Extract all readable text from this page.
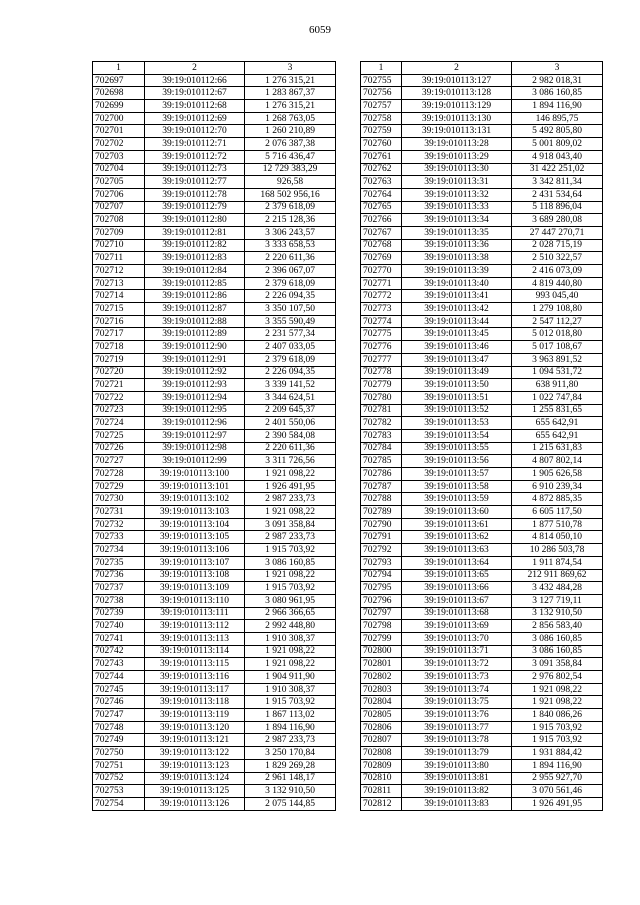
6059
1	2	3
702697	39:19:010112:66	1 276 315,21
702698	39:19:010112:67	1 283 867,37
702699	39:19:010112:68	1 276 315,21
702700	39:19:010112:69	1 268 763,05
702701	39:19:010112:70	1 260 210,89
702702	39:19:010112:71	2 076 387,38
702703	39:19:010112:72	5 716 436,47
702704	39:19:010112:73	12 729 383,29
702705	39:19:010112:77	926,58
702706	39:19:010112:78	168 502 956,16
702707	39:19:010112:79	2 379 618,09
702708	39:19:010112:80	2 215 128,36
702709	39:19:010112:81	3 306 243,57
702710	39:19:010112:82	3 333 658,53
702711	39:19:010112:83	2 220 611,36
702712	39:19:010112:84	2 396 067,07
702713	39:19:010112:85	2 379 618,09
702714	39:19:010112:86	2 226 094,35
702715	39:19:010112:87	3 350 107,50
702716	39:19:010112:88	3 355 590,49
702717	39:19:010112:89	2 231 577,34
702718	39:19:010112:90	2 407 033,05
702719	39:19:010112:91	2 379 618,09
702720	39:19:010112:92	2 226 094,35
702721	39:19:010112:93	3 339 141,52
702722	39:19:010112:94	3 344 624,51
702723	39:19:010112:95	2 209 645,37
702724	39:19:010112:96	2 401 550,06
702725	39:19:010112:97	2 390 584,08
702726	39:19:010112:98	2 220 611,36
702727	39:19:010112:99	3 311 726,56
702728	39:19:010113:100	1 921 098,22
702729	39:19:010113:101	1 926 491,95
702730	39:19:010113:102	2 987 233,73
702731	39:19:010113:103	1 921 098,22
702732	39:19:010113:104	3 091 358,84
702733	39:19:010113:105	2 987 233,73
702734	39:19:010113:106	1 915 703,92
702735	39:19:010113:107	3 086 160,85
702736	39:19:010113:108	1 921 098,22
702737	39:19:010113:109	1 915 703,92
702738	39:19:010113:110	3 080 961,95
702739	39:19:010113:111	2 966 366,65
702740	39:19:010113:112	2 992 448,80
702741	39:19:010113:113	1 910 308,37
702742	39:19:010113:114	1 921 098,22
702743	39:19:010113:115	1 921 098,22
702744	39:19:010113:116	1 904 911,90
702745	39:19:010113:117	1 910 308,37
702746	39:19:010113:118	1 915 703,92
702747	39:19:010113:119	1 867 113,02
702748	39:19:010113:120	1 894 116,90
702749	39:19:010113:121	2 987 233,73
702750	39:19:010113:122	3 250 170,84
702751	39:19:010113:123	1 829 269,28
702752	39:19:010113:124	2 961 148,17
702753	39:19:010113:125	3 132 910,50
702754	39:19:010113:126	2 075 144,85
1	2	3
702755	39:19:010113:127	2 982 018,31
702756	39:19:010113:128	3 086 160,85
702757	39:19:010113:129	1 894 116,90
702758	39:19:010113:130	146 895,75
702759	39:19:010113:131	5 492 805,80
702760	39:19:010113:28	5 001 809,02
702761	39:19:010113:29	4 918 043,40
702762	39:19:010113:30	31 422 251,02
702763	39:19:010113:31	3 342 811,34
702764	39:19:010113:32	2 431 534,64
702765	39:19:010113:33	5 118 896,04
702766	39:19:010113:34	3 689 280,08
702767	39:19:010113:35	27 447 270,71
702768	39:19:010113:36	2 028 715,19
702769	39:19:010113:38	2 510 322,57
702770	39:19:010113:39	2 416 073,09
702771	39:19:010113:40	4 819 440,80
702772	39:19:010113:41	993 045,40
702773	39:19:010113:42	1 279 108,80
702774	39:19:010113:44	2 547 112,27
702775	39:19:010113:45	5 012 018,80
702776	39:19:010113:46	5 017 108,67
702777	39:19:010113:47	3 963 891,52
702778	39:19:010113:49	1 094 531,72
702779	39:19:010113:50	638 911,80
702780	39:19:010113:51	1 022 747,84
702781	39:19:010113:52	1 255 831,65
702782	39:19:010113:53	655 642,91
702783	39:19:010113:54	655 642,91
702784	39:19:010113:55	1 215 631,83
702785	39:19:010113:56	4 807 802,14
702786	39:19:010113:57	1 905 626,58
702787	39:19:010113:58	6 910 239,34
702788	39:19:010113:59	4 872 885,35
702789	39:19:010113:60	6 605 117,50
702790	39:19:010113:61	1 877 510,78
702791	39:19:010113:62	4 814 050,10
702792	39:19:010113:63	10 286 503,78
702793	39:19:010113:64	1 911 874,54
702794	39:19:010113:65	212 911 869,62
702795	39:19:010113:66	3 432 484,28
702796	39:19:010113:67	3 127 719,11
702797	39:19:010113:68	3 132 910,50
702798	39:19:010113:69	2 856 583,40
702799	39:19:010113:70	3 086 160,85
702800	39:19:010113:71	3 086 160,85
702801	39:19:010113:72	3 091 358,84
702802	39:19:010113:73	2 976 802,54
702803	39:19:010113:74	1 921 098,22
702804	39:19:010113:75	1 921 098,22
702805	39:19:010113:76	1 840 086,26
702806	39:19:010113:77	1 915 703,92
702807	39:19:010113:78	1 915 703,92
702808	39:19:010113:79	1 931 884,42
702809	39:19:010113:80	1 894 116,90
702810	39:19:010113:81	2 955 927,70
702811	39:19:010113:82	3 070 561,46
702812	39:19:010113:83	1 926 491,95
